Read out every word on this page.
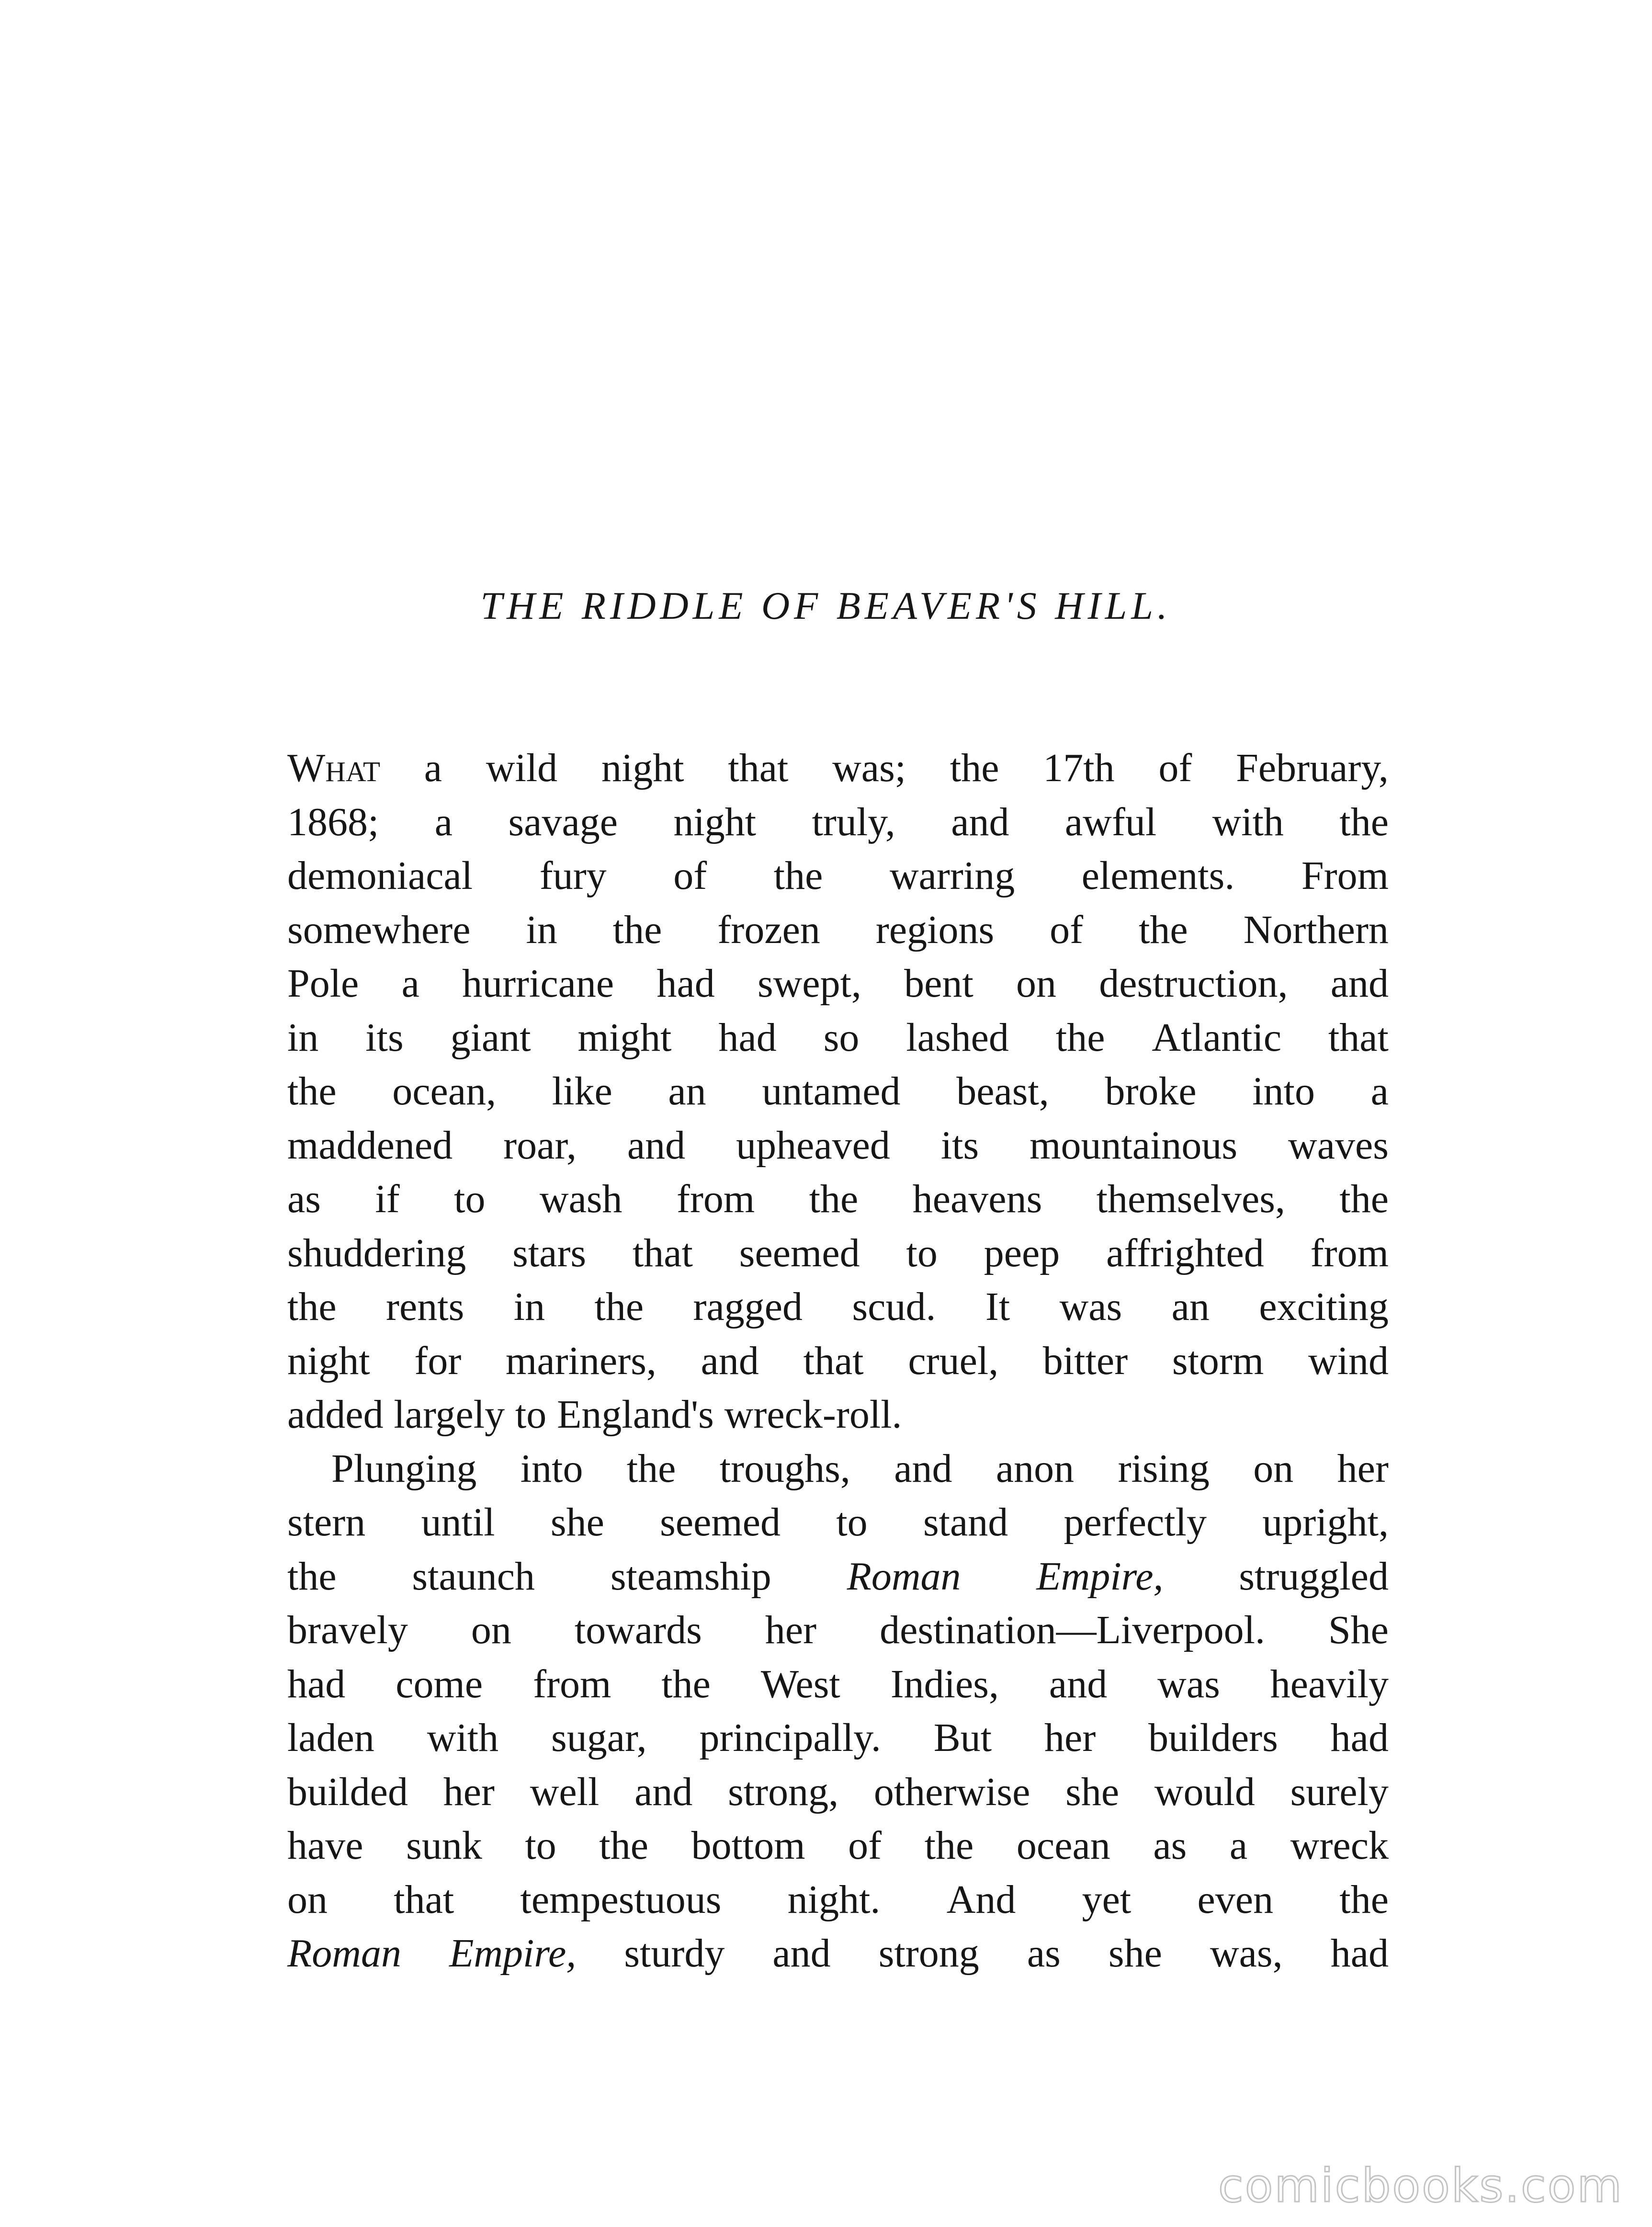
THE RIDDLE OF BEAVER'S HILL.
What a wild night that was; the 17th of February,
1868; a savage night truly, and awful with the
demoniacal fury of the warring elements. From
somewhere in the frozen regions of the Northern
Pole a hurricane had swept, bent on destruction, and
in its giant might had so lashed the Atlantic that
the ocean, like an untamed beast, broke into a
maddened roar, and upheaved its mountainous waves
as if to wash from the heavens themselves, the
shuddering stars that seemed to peep affrighted from
the rents in the ragged scud. It was an exciting
night for mariners, and that cruel, bitter storm wind
added largely to England's wreck-roll.
Plunging into the troughs, and anon rising on her
stern until she seemed to stand perfectly upright,
the staunch steamship Roman Empire, struggled
bravely on towards her destination—Liverpool. She
had come from the West Indies, and was heavily
laden with sugar, principally. But her builders had
builded her well and strong, otherwise she would surely
have sunk to the bottom of the ocean as a wreck
on that tempestuous night. And yet even the
Roman Empire, sturdy and strong as she was, had
comicbooks.com
